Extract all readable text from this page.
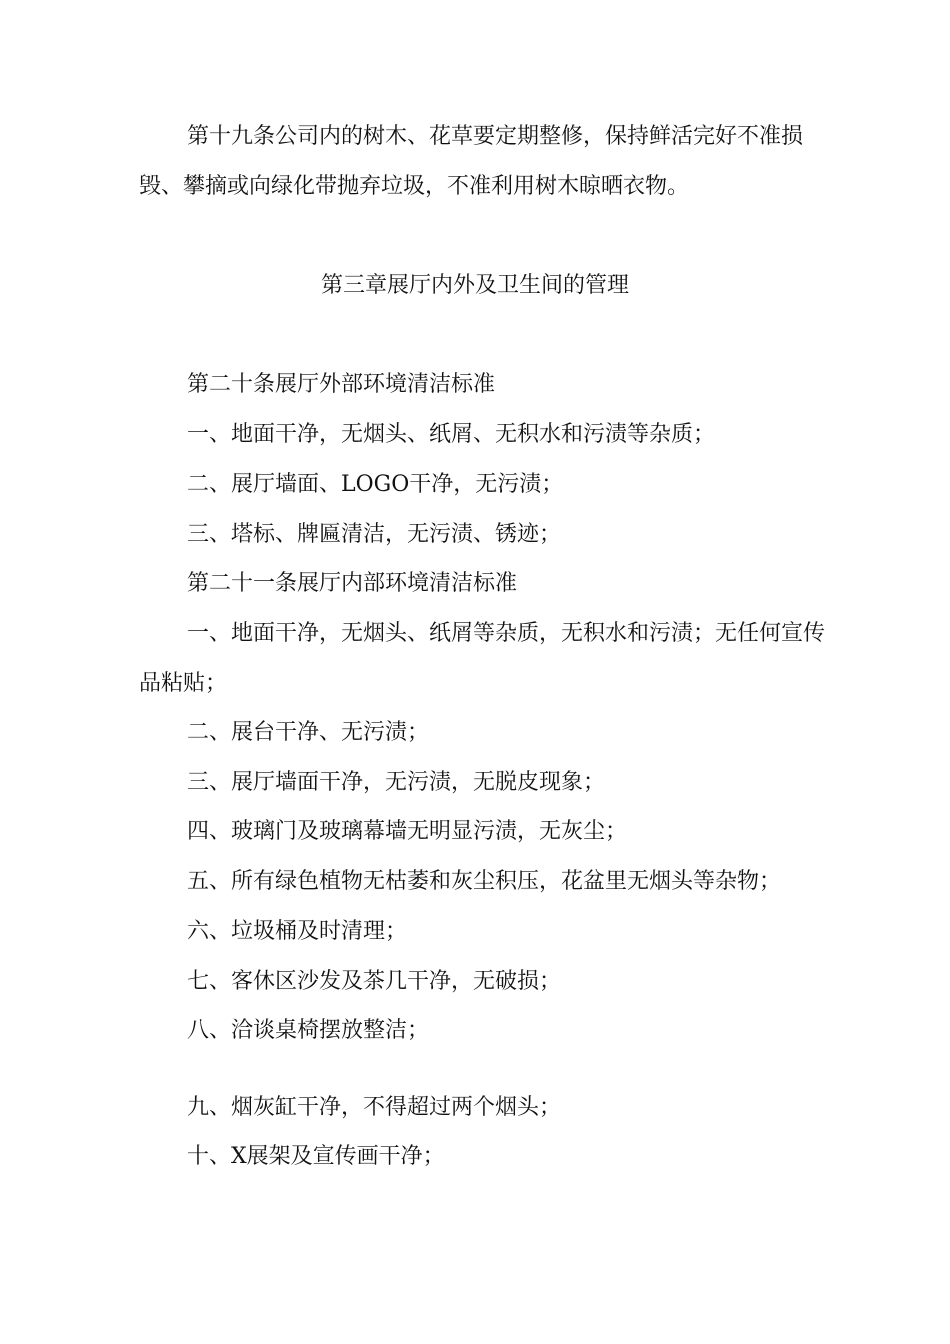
第十九条公司内的树木、花草要定期整修，保持鲜活完好不准损毁、攀摘或向绿化带抛弃垃圾，不准利用树木晾晒衣物。

第三章展厅内外及卫生间的管理

第二十条展厅外部环境清洁标准

一、地面干净，无烟头、纸屑、无积水和污渍等杂质；

二、展厅墙面、LOGO干净，无污渍；

三、塔标、牌匾清洁，无污渍、锈迹；

第二十一条展厅内部环境清洁标准

一、地面干净，无烟头、纸屑等杂质，无积水和污渍；无任何宣传品粘贴；

二、展台干净、无污渍；

三、展厅墙面干净，无污渍，无脱皮现象；

四、玻璃门及玻璃幕墙无明显污渍，无灰尘；

五、所有绿色植物无枯萎和灰尘积压，花盆里无烟头等杂物；

六、垃圾桶及时清理；

七、客休区沙发及茶几干净，无破损；

八、洽谈桌椅摆放整洁；

九、烟灰缸干净，不得超过两个烟头；

十、X展架及宣传画干净；
